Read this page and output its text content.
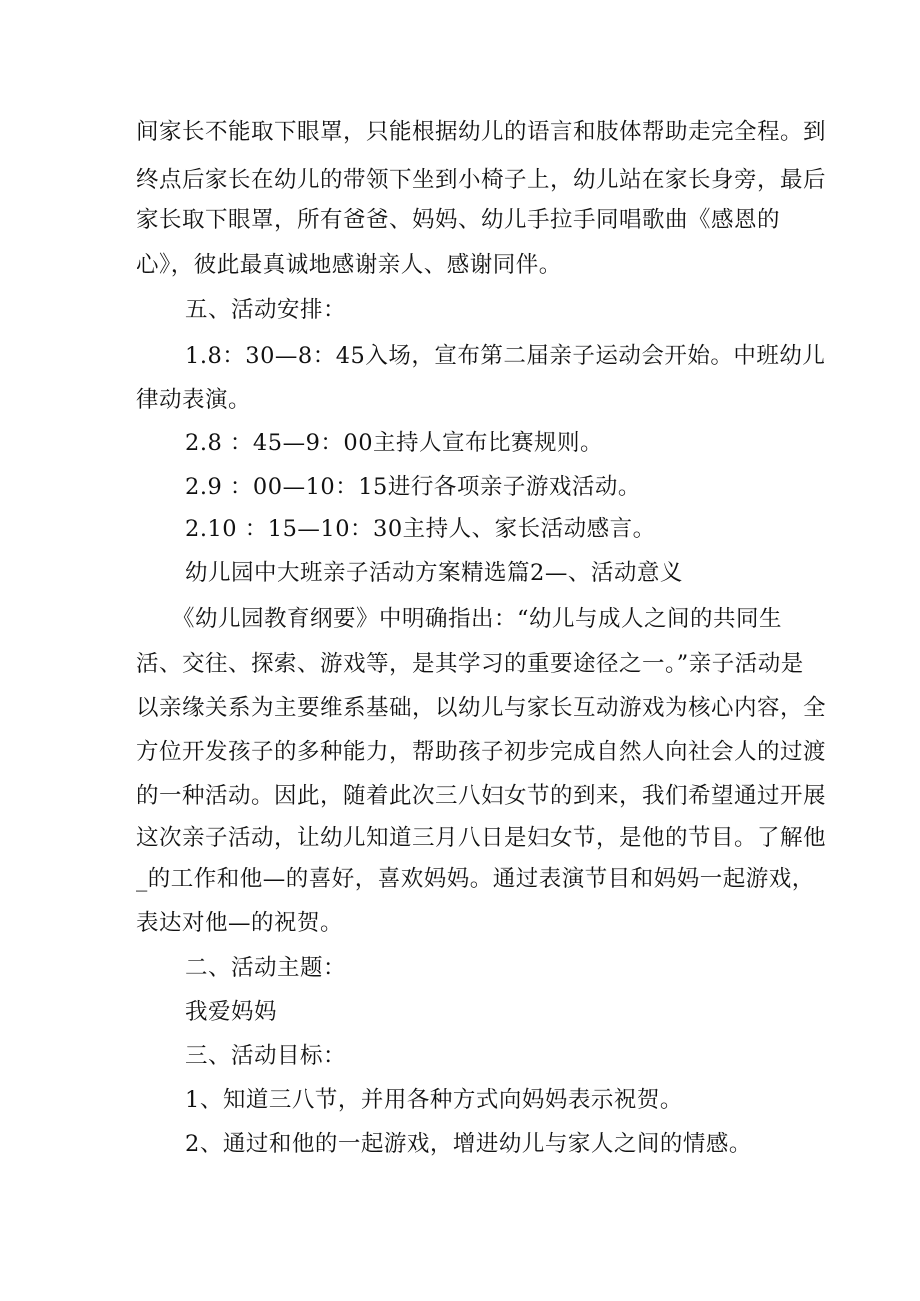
间家长不能取下眼罩，只能根据幼儿的语言和肢体帮助走完全程。到
终点后家长在幼儿的带领下坐到小椅子上，幼儿站在家长身旁，最后
家长取下眼罩，所有爸爸、妈妈、幼儿手拉手同唱歌曲《感恩的
心》，彼此最真诚地感谢亲人、感谢同伴。
五、活动安排：
1.8：30—8：45入场，宣布第二届亲子运动会开始。中班幼儿
律动表演。
2.8 ：45—9：00主持人宣布比赛规则。
2.9 ：00—10：15进行各项亲子游戏活动。
2.10 ：15—10：30主持人、家长活动感言。
幼儿园中大班亲子活动方案精选篇2—、活动意义
《幼儿园教育纲要》中明确指出：“幼儿与成人之间的共同生
活、交往、探索、游戏等，是其学习的重要途径之一。”亲子活动是
以亲缘关系为主要维系基础，以幼儿与家长互动游戏为核心内容，全
方位开发孩子的多种能力，帮助孩子初步完成自然人向社会人的过渡
的一种活动。因此，随着此次三八妇女节的到来，我们希望通过开展
这次亲子活动，让幼儿知道三月八日是妇女节，是他的节目。了解他
_的工作和他—的喜好，喜欢妈妈。通过表演节目和妈妈一起游戏，
表达对他—的祝贺。
二、活动主题：
我爱妈妈
三、活动目标：
1、知道三八节，并用各种方式向妈妈表示祝贺。
2、通过和他的一起游戏，增进幼儿与家人之间的情感。
